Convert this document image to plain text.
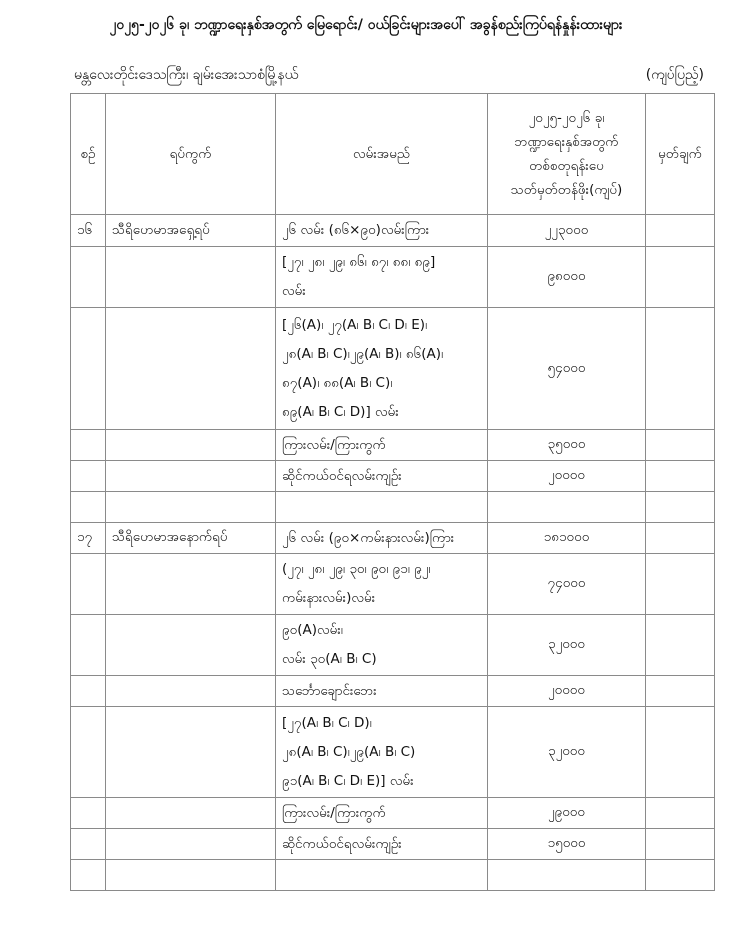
၂၀၂၅-၂၀၂၆ ခု၊ ဘဏ္ဍာရေးနှစ်အတွက် မြေရောင်း/ ဝယ်ခြင်းများအပေါ် အခွန်စည်းကြပ်ရန်နှုန်းထားများ
မန္တလေးတိုင်းဒေသကြီး၊ ချမ်းအေးသာစံမြို့နယ်	(ကျပ်ပြည့်)
စဉ်	ရပ်ကွက်	လမ်းအမည်	၂၀၂၅-၂၀၂၆ ခု၊
ဘဏ္ဍာရေးနှစ်အတွက်
တစ်စတုရန်းပေ
သတ်မှတ်တန်ဖိုး(ကျပ်)	မှတ်ချက်
၁၆	သီရိဟေမာအရှေ့ရပ်	၂၆ လမ်း (၈၆×၉၀)လမ်းကြား	၂၂၃၀၀၀	

		[၂၇၊ ၂၈၊ ၂၉၊ ၈၆၊ ၈၇၊ ၈၈၊ ၈၉]
လမ်း	၉၈၀၀၀	

		[၂၆(A)၊ ၂၇(A၊ B၊ C၊ D၊ E)၊
၂၈(A၊ B၊ C)၊၂၉(A၊ B)၊ ၈၆(A)၊
၈၇(A)၊ ၈၈(A၊ B၊ C)၊
၈၉(A၊ B၊ C၊ D)] လမ်း	၅၄၀၀၀	

		ကြားလမ်း/ကြားကွက်	၃၅၀၀၀	

		ဆိုင်ကယ်ဝင်ရလမ်းကျဉ်း	၂၀၀၀၀	

၁၇	သီရိဟေမာအနောက်ရပ်	၂၆ လမ်း (၉၀×ကမ်းနားလမ်း)ကြား	၁၈၁၀၀၀	

		(၂၇၊ ၂၈၊ ၂၉၊ ၃၀၊ ၉၀၊ ၉၁၊ ၉၂၊
ကမ်းနားလမ်း)လမ်း	၇၄၀၀၀	

		၉၀(A)လမ်း၊
လမ်း ၃၀(A၊ B၊ C)	၃၂၀၀၀	

		သင်္ဘောချောင်းဘေး	၂၀၀၀၀	

		[၂၇(A၊ B၊ C၊ D)၊
၂၈(A၊ B၊ C)၊၂၉(A၊ B၊ C)
၉၁(A၊ B၊ C၊ D၊ E)] လမ်း	၃၂၀၀၀	

		ကြားလမ်း/ကြားကွက်	၂၉၀၀၀	

		ဆိုင်ကယ်ဝင်ရလမ်းကျဉ်း	၁၅၀၀၀	
